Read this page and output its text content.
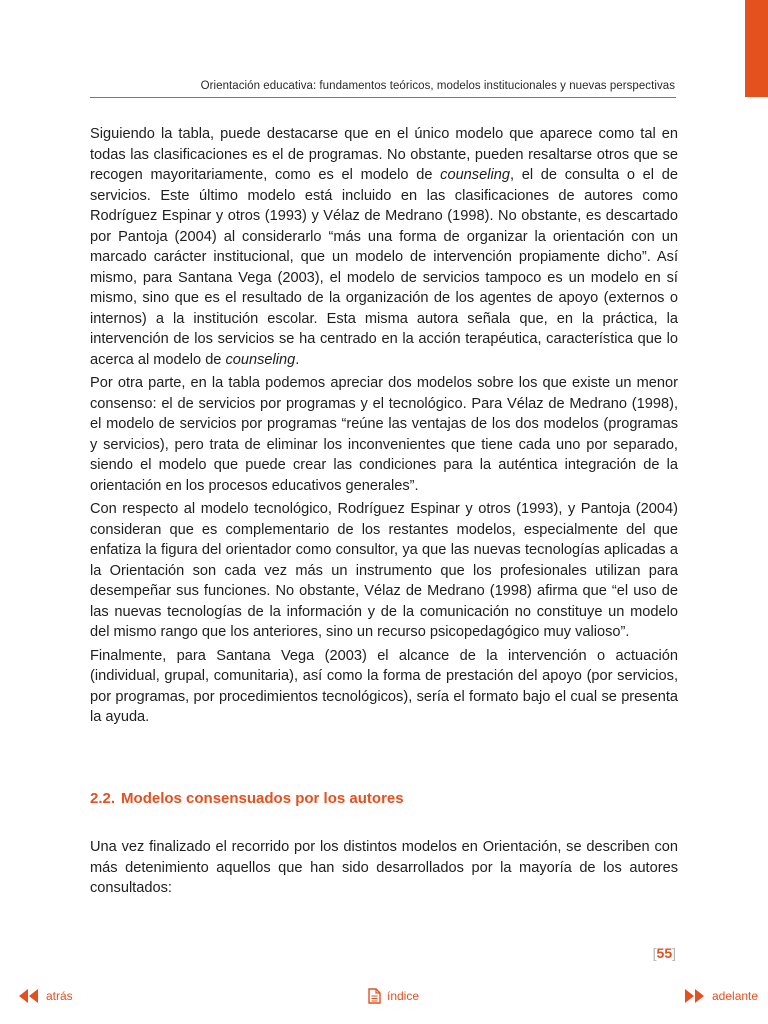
Orientación educativa: fundamentos teóricos, modelos institucionales y nuevas perspectivas

Siguiendo la tabla, puede destacarse que en el único modelo que aparece como tal en todas las clasificaciones es el de programas. No obstante, pueden resaltarse otros que se recogen mayoritariamente, como es el modelo de counseling, el de consulta o el de servicios. Este último modelo está incluido en las clasificaciones de autores como Rodríguez Espinar y otros (1993) y Vélaz de Medrano (1998). No obstante, es descartado por Pantoja (2004) al considerarlo “más una forma de organizar la orientación con un marcado carácter institucional, que un modelo de intervención propiamente dicho”. Así mismo, para Santana Vega (2003), el modelo de servicios tampoco es un modelo en sí mismo, sino que es el resultado de la organización de los agentes de apoyo (externos o internos) a la institución escolar. Esta misma autora señala que, en la práctica, la intervención de los servicios se ha centrado en la acción terapéutica, característica que lo acerca al modelo de counseling.

Por otra parte, en la tabla podemos apreciar dos modelos sobre los que existe un menor consenso: el de servicios por programas y el tecnológico. Para Vélaz de Medrano (1998), el modelo de servicios por programas “reúne las ventajas de los dos modelos (programas y servicios), pero trata de eliminar los inconvenientes que tiene cada uno por separado, siendo el modelo que puede crear las condiciones para la auténtica integración de la orientación en los procesos educativos generales”.

Con respecto al modelo tecnológico, Rodríguez Espinar y otros (1993), y Pantoja (2004) consideran que es complementario de los restantes modelos, especialmente del que enfatiza la figura del orientador como consultor, ya que las nuevas tecnologías aplicadas a la Orientación son cada vez más un instrumento que los profesionales utilizan para desempeñar sus funciones. No obstante, Vélaz de Medrano (1998) afirma que “el uso de las nuevas tecnologías de la información y de la comunicación no constituye un modelo del mismo rango que los anteriores, sino un recurso psicopedagógico muy valioso”.

Finalmente, para Santana Vega (2003) el alcance de la intervención o actuación (individual, grupal, comunitaria), así como la forma de prestación del apoyo (por servicios, por programas, por procedimientos tecnológicos), sería el formato bajo el cual se presenta la ayuda.

2.2. Modelos consensuados por los autores

Una vez finalizado el recorrido por los distintos modelos en Orientación, se describen con más detenimiento aquellos que han sido desarrollados por la mayoría de los autores consultados:

[55]
atrás	índice	adelante
